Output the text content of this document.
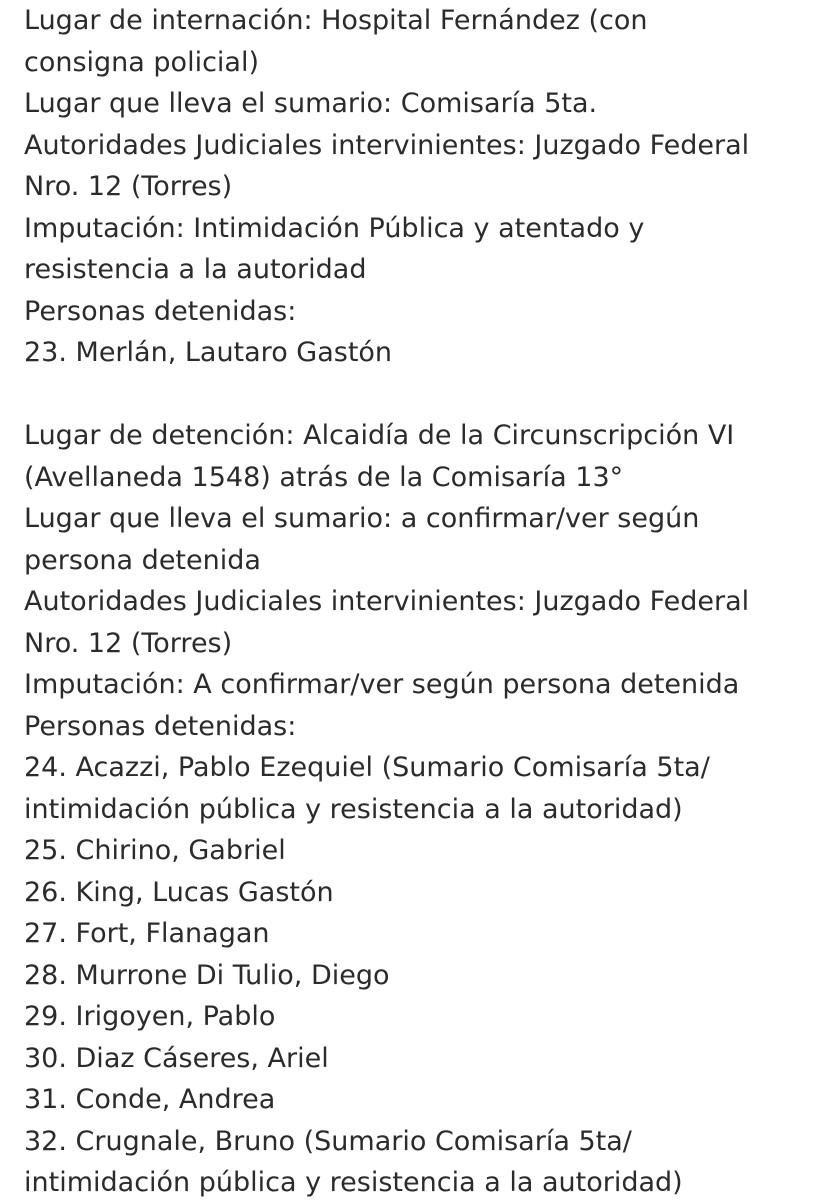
Lugar de internación: Hospital Fernández (con
consigna policial)
Lugar que lleva el sumario: Comisaría 5ta.
Autoridades Judiciales intervinientes: Juzgado Federal
Nro. 12 (Torres)
Imputación: Intimidación Pública y atentado y
resistencia a la autoridad
Personas detenidas:
23. Merlán, Lautaro Gastón
Lugar de detención: Alcaidía de la Circunscripción VI
(Avellaneda 1548) atrás de la Comisaría 13°
Lugar que lleva el sumario: a confirmar/ver según
persona detenida
Autoridades Judiciales intervinientes: Juzgado Federal
Nro. 12 (Torres)
Imputación: A confirmar/ver según persona detenida
Personas detenidas:
24. Acazzi, Pablo Ezequiel (Sumario Comisaría 5ta/
intimidación pública y resistencia a la autoridad)
25. Chirino, Gabriel
26. King, Lucas Gastón
27. Fort, Flanagan
28. Murrone Di Tulio, Diego
29. Irigoyen, Pablo
30. Diaz Cáseres, Ariel
31. Conde, Andrea
32. Crugnale, Bruno (Sumario Comisaría 5ta/
intimidación pública y resistencia a la autoridad)
